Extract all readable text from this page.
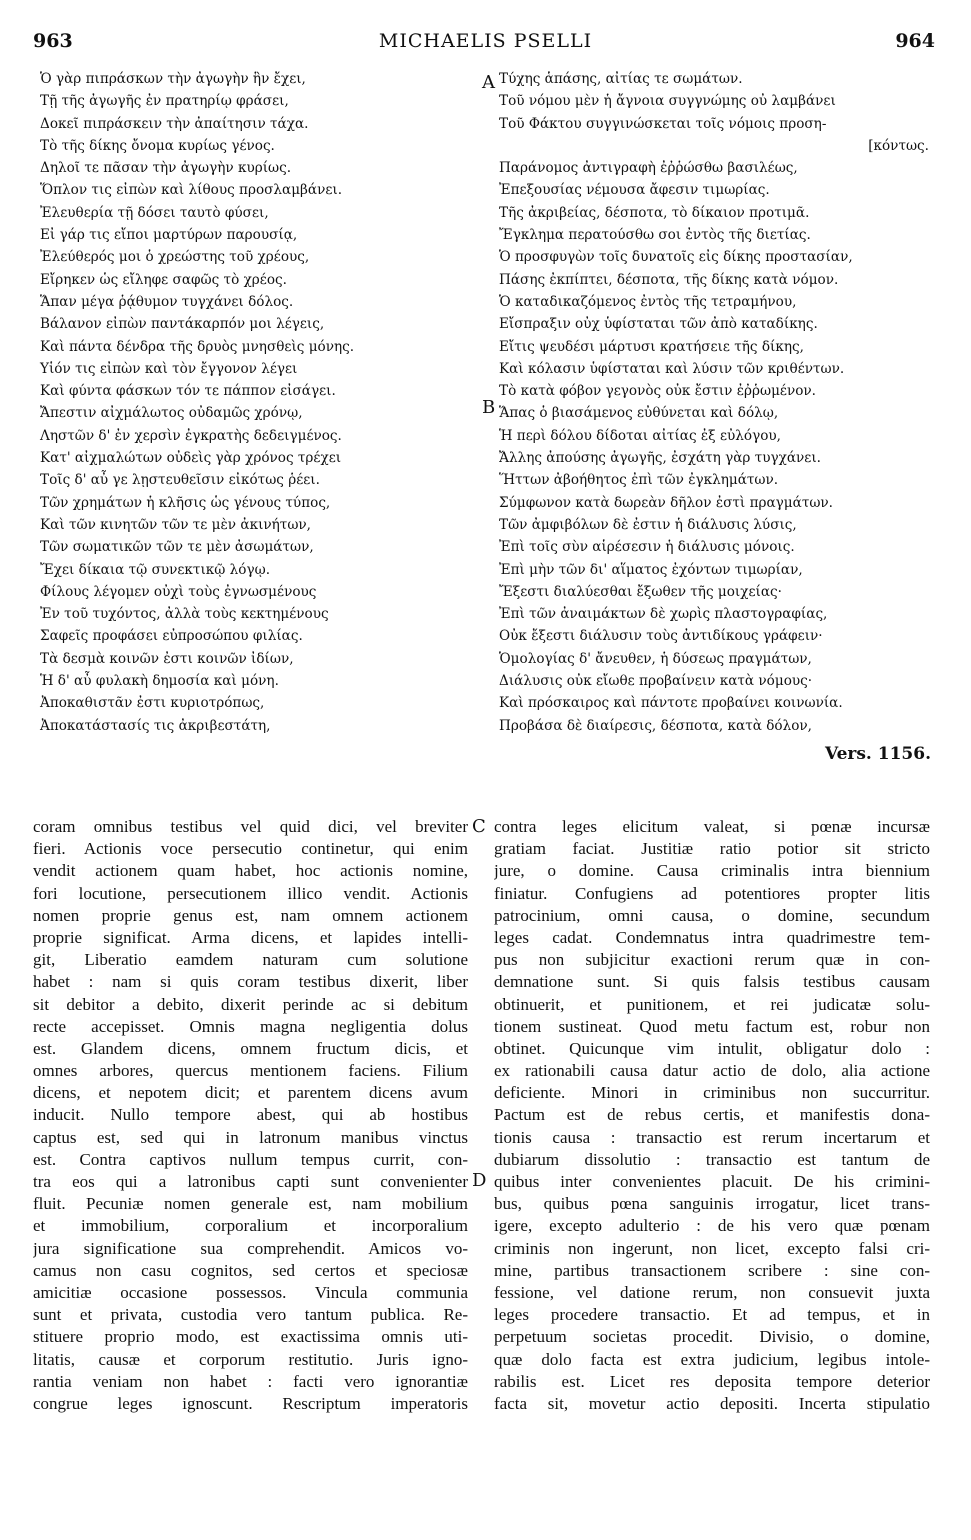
MICHAELIS PSELLI
963	964
Ὁ γὰρ πιπράσκων τὴν ἀγωγὴν ἣν ἔχει,
Τῇ τῆς ἀγωγῆς ἐν πρατηρίῳ φράσει,
Δοκεῖ πιπράσκειν τὴν ἀπαίτησιν τάχα.
Τὸ τῆς δίκης ὄνομα κυρίως γένος.
Δηλοῖ τε πᾶσαν τὴν ἀγωγὴν κυρίως.
Ὅπλον τις εἰπὼν καὶ λίθους προσλαμβάνει.
Ἐλευθερία τῇ δόσει ταυτὸ φύσει,
Εἰ γάρ τις εἴποι μαρτύρων παρουσίᾳ,
Ἐλεύθερός μοι ὁ χρεώστης τοῦ χρέους,
Εἴρηκεν ὡς εἴληφε σαφῶς τὸ χρέος.
Ἅπαν μέγα ῥᾴθυμον τυγχάνει δόλος.
Βάλανον εἰπὼν παντάκαρπόν μοι λέγεις,
Καὶ πάντα δένδρα τῆς δρυὸς μνησθεὶς μόνης.
Υἱόν τις εἰπὼν καὶ τὸν ἔγγονον λέγει
Καὶ φύντα φάσκων τόν τε πάππον εἰσάγει.
Ἄπεστιν αἰχμάλωτος οὐδαμῶς χρόνῳ,
Ληστῶν δ' ἐν χερσὶν ἐγκρατὴς δεδειγμένος.
Κατ' αἰχμαλώτων οὐδεὶς γὰρ χρόνος τρέχει
Τοῖς δ' αὖ γε λῃστευθεῖσιν εἰκότως ῥέει.
Τῶν χρημάτων ἡ κλῆσις ὡς γένους τύπος,
Καὶ τῶν κινητῶν τῶν τε μὲν ἀκινήτων,
Τῶν σωματικῶν τῶν τε μὲν ἀσωμάτων,
Ἔχει δίκαια τῷ συνεκτικῷ λόγῳ.
Φίλους λέγομεν οὐχὶ τοὺς ἐγνωσμένους
Ἐν τοῦ τυχόντος, ἀλλὰ τοὺς κεκτημένους
Σαφεῖς προφάσει εὐπροσώπου φιλίας.
Τὰ δεσμὰ κοινῶν ἐστι κοινῶν ἰδίων,
Ἡ δ' αὖ φυλακὴ δημοσία καὶ μόνη.
Ἀποκαθιστᾶν ἐστι κυριοτρόπως,
Ἀποκατάστασίς τις ἀκριβεστάτη,
Τύχης ἁπάσης, αἰτίας τε σωμάτων.
Τοῦ νόμου μὲν ἡ ἄγνοια συγγνώμης οὐ λαμβάνει
Τοῦ Φάκτου συγγινώσκεται τοῖς νόμοις προση-
[κόντως.
Παράνομος ἀντιγραφὴ ἐῤῥώσθω βασιλέως,
Ἐπεξουσίας νέμουσα ἄφεσιν τιμωρίας.
Τῆς ἀκριβείας, δέσποτα, τὸ δίκαιον προτιμᾶ.
Ἔγκλημα περατούσθω σοι ἐντὸς τῆς διετίας.
Ὁ προσφυγὼν τοῖς δυνατοῖς εἰς δίκης προστασίαν,
Πάσης ἐκπίπτει, δέσποτα, τῆς δίκης κατὰ νόμον.
Ὁ καταδικαζόμενος ἐντὸς τῆς τετραμήνου,
Εἴσπραξιν οὐχ ὑφίσταται τῶν ἀπὸ καταδίκης.
Εἴτις ψευδέσι μάρτυσι κρατήσειε τῆς δίκης,
Καὶ κόλασιν ὑφίσταται καὶ λύσιν τῶν κριθέντων.
Τὸ κατὰ φόβον γεγονὸς οὐκ ἔστιν ἐῤῥωμένον.
Ἅπας ὁ βιασάμενος εὐθύνεται καὶ δόλῳ,
Ἡ περὶ δόλου δίδοται αἰτίας ἐξ εὐλόγου,
Ἄλλης ἀπούσης ἀγωγῆς, ἐσχάτη γὰρ τυγχάνει.
Ἥττων ἀβοήθητος ἐπὶ τῶν ἐγκλημάτων.
Σύμφωνον κατὰ δωρεὰν δῆλον ἐστὶ πραγμάτων.
Τῶν ἀμφιβόλων δὲ ἐστιν ἡ διάλυσις λύσις,
Ἐπὶ τοῖς σὺν αἱρέσεσιν ἡ διάλυσις μόνοις.
Ἐπὶ μὴν τῶν δι' αἵματος ἐχόντων τιμωρίαν,
Ἔξεστι διαλύεσθαι ἔξωθεν τῆς μοιχείας·
Ἐπὶ τῶν ἀναιμάκτων δὲ χωρὶς πλαστογραφίας,
Οὐκ ἔξεστι διάλυσιν τοὺς ἀντιδίκους γράφειν·
Ὁμολογίας δ' ἄνευθεν, ἡ δύσεως πραγμάτων,
Διάλυσις οὐκ εἴωθε προβαίνειν κατὰ νόμους·
Καὶ πρόσκαιρος καὶ πάντοτε προβαίνει κοινωνία.
Προβάσα δὲ διαίρεσις, δέσποτα, κατὰ δόλον,
A
B
C
D
Vers. 1156.
coram omnibus testibus vel quid dici, vel breviter
fieri. Actionis voce persecutio continetur, qui enim
vendit actionem quam habet, hoc actionis nomine,
fori locutione, persecutionem illico vendit. Actionis
nomen proprie genus est, nam omnem actionem
proprie significat. Arma dicens, et lapides intelli-
git, Liberatio eamdem naturam cum solutione
habet : nam si quis coram testibus dixerit, liber
sit debitor a debito, dixerit perinde ac si debitum
recte accepisset. Omnis magna negligentia dolus
est. Glandem dicens, omnem fructum dicis, et
omnes arbores, quercus mentionem faciens. Filium
dicens, et nepotem dicit; et parentem dicens avum
inducit. Nullo tempore abest, qui ab hostibus
captus est, sed qui in latronum manibus vinctus
est. Contra captivos nullum tempus currit, con-
tra eos qui a latronibus capti sunt convenienter
fluit. Pecuniæ nomen generale est, nam mobilium
et immobilium, corporalium et incorporalium
jura significatione sua comprehendit. Amicos vo-
camus non casu cognitos, sed certos et speciosæ
amicitiæ occasione possessos. Vincula communia
sunt et privata, custodia vero tantum publica. Re-
stituere proprio modo, est exactissima omnis uti-
litatis, causæ et corporum restitutio. Juris igno-
rantia veniam non habet : facti vero ignorantiæ
congrue leges ignoscunt. Rescriptum imperatoris
contra leges elicitum valeat, si pœnæ incursæ
gratiam faciat. Justitiæ ratio potior sit stricto
jure, o domine. Causa criminalis intra biennium
finiatur. Confugiens ad potentiores propter litis
patrocinium, omni causa, o domine, secundum
leges cadat. Condemnatus intra quadrimestre tem-
pus non subjicitur exactioni rerum quæ in con-
demnatione sunt. Si quis falsis testibus causam
obtinuerit, et punitionem, et rei judicatæ solu-
tionem sustineat. Quod metu factum est, robur non
obtinet. Quicunque vim intulit, obligatur dolo :
ex rationabili causa datur actio de dolo, alia actione
deficiente. Minori in criminibus non succurritur.
Pactum est de rebus certis, et manifestis dona-
tionis causa : transactio est rerum incertarum et
dubiarum dissolutio : transactio est tantum de
quibus inter convenientes placuit. De his crimini-
bus, quibus pœna sanguinis irrogatur, licet trans-
igere, excepto adulterio : de his vero quæ pœnam
criminis non ingerunt, non licet, excepto falsi cri-
mine, partibus transactionem scribere : sine con-
fessione, vel datione rerum, non consuevit juxta
leges procedere transactio. Et ad tempus, et in
perpetuum societas procedit. Divisio, o domine,
quæ dolo facta est extra judicium, legibus intole-
rabilis est. Licet res deposita tempore deterior
facta sit, movetur actio depositi. Incerta stipulatio
